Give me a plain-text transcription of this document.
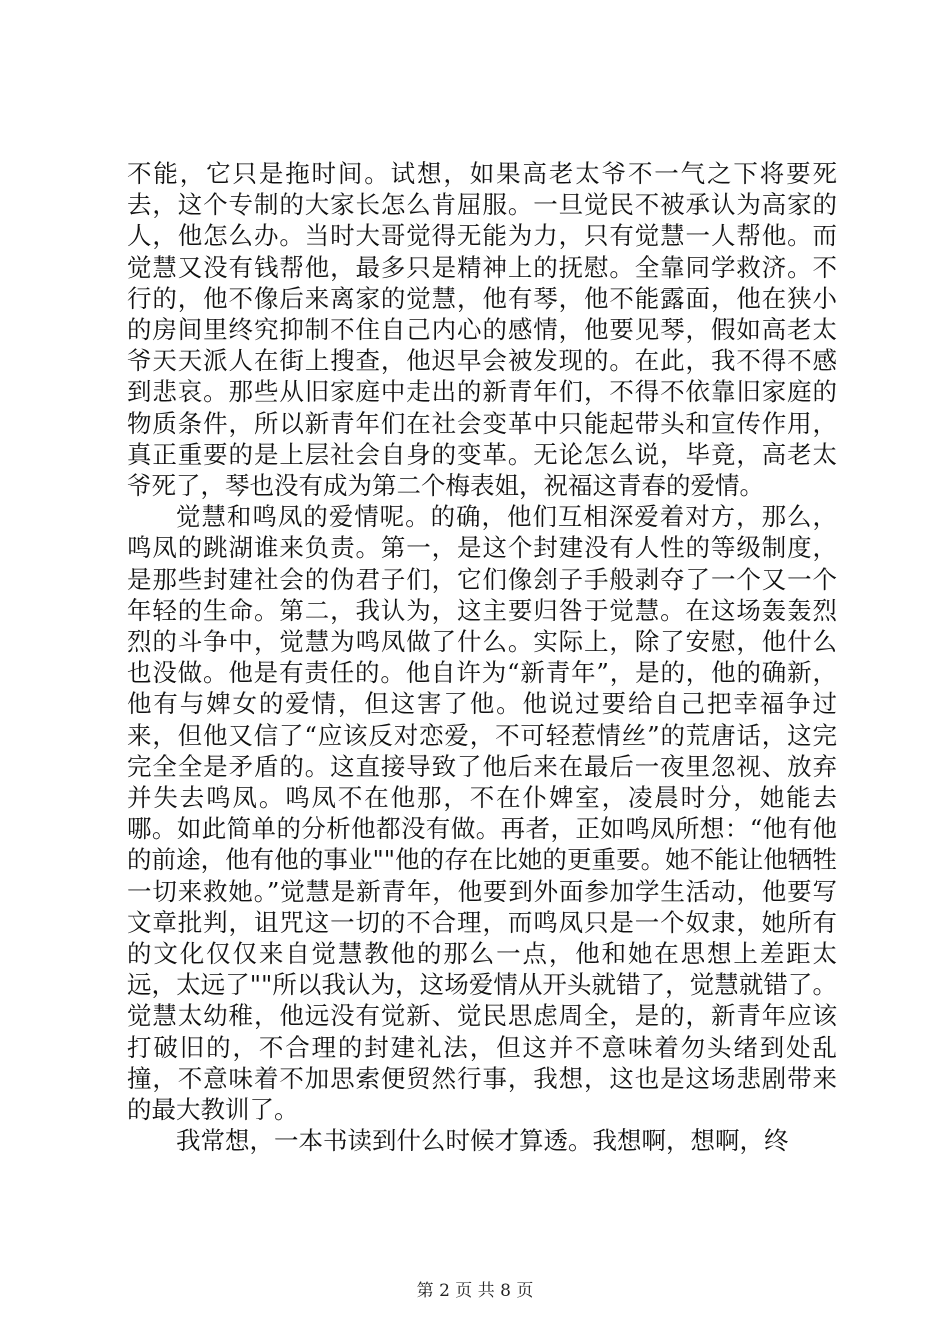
不能，它只是拖时间。试想，如果高老太爷不一气之下将要死去，这个专制的大家长怎么肯屈服。一旦觉民不被承认为高家的人，他怎么办。当时大哥觉得无能为力，只有觉慧一人帮他。而觉慧又没有钱帮他，最多只是精神上的抚慰。全靠同学救济。不行的，他不像后来离家的觉慧，他有琴，他不能露面，他在狭小的房间里终究抑制不住自己内心的感情，他要见琴，假如高老太爷天天派人在街上搜查，他迟早会被发现的。在此，我不得不感到悲哀。那些从旧家庭中走出的新青年们，不得不依靠旧家庭的物质条件，所以新青年们在社会变革中只能起带头和宣传作用，真正重要的是上层社会自身的变革。无论怎么说，毕竟，高老太爷死了，琴也没有成为第二个梅表姐，祝福这青春的爱情。

觉慧和鸣凤的爱情呢。的确，他们互相深爱着对方，那么，鸣凤的跳湖谁来负责。第一，是这个封建没有人性的等级制度，是那些封建社会的伪君子们，它们像刽子手般剥夺了一个又一个年轻的生命。第二，我认为，这主要归咎于觉慧。在这场轰轰烈烈的斗争中，觉慧为鸣凤做了什么。实际上，除了安慰，他什么也没做。他是有责任的。他自许为“新青年”，是的，他的确新，他有与婢女的爱情，但这害了他。他说过要给自己把幸福争过来，但他又信了“应该反对恋爱，不可轻惹情丝”的荒唐话，这完完全全是矛盾的。这直接导致了他后来在最后一夜里忽视、放弃并失去鸣凤。鸣凤不在他那，不在仆婢室，凌晨时分，她能去哪。如此简单的分析他都没有做。再者，正如鸣凤所想：“他有他的前途，他有他的事业""他的存在比她的更重要。她不能让他牺牲一切来救她。”觉慧是新青年，他要到外面参加学生活动，他要写文章批判，诅咒这一切的不合理，而鸣凤只是一个奴隶，她所有的文化仅仅来自觉慧教他的那么一点，他和她在思想上差距太远，太远了""所以我认为，这场爱情从开头就错了，觉慧就错了。觉慧太幼稚，他远没有觉新、觉民思虑周全，是的，新青年应该打破旧的，不合理的封建礼法，但这并不意味着勿头绪到处乱撞，不意味着不加思索便贸然行事，我想，这也是这场悲剧带来的最大教训了。

我常想，一本书读到什么时候才算透。我想啊，想啊，终

第 2 页 共 8 页
